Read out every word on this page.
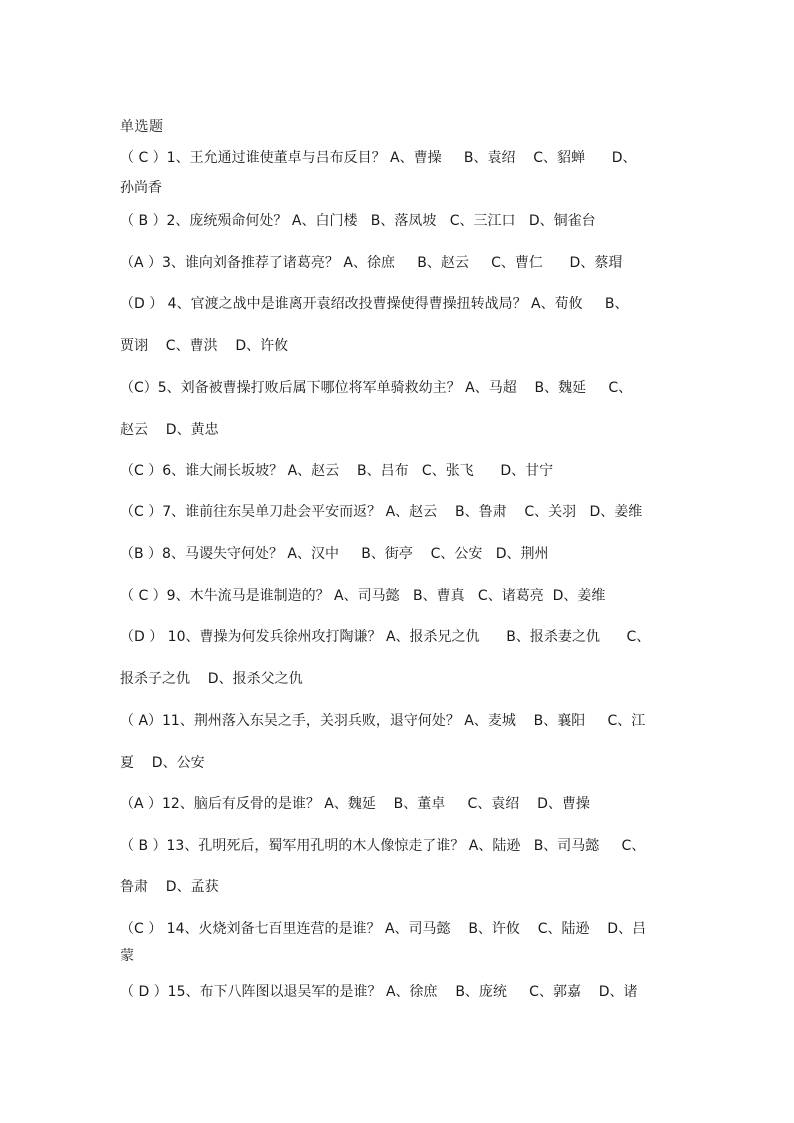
单选题
（ C ）1、王允通过谁使董卓与吕布反目？ A、曹操     B、袁绍    C、貂蝉      D、
孙尚香
（ B ）2、庞统殒命何处？ A、白门楼   B、落凤坡   C、三江口   D、铜雀台
（A ）3、谁向刘备推荐了诸葛亮？ A、徐庶     B、赵云     C、曹仁      D、蔡瑁
（D ） 4、官渡之战中是谁离开袁绍改投曹操使得曹操扭转战局？ A、荀攸     B、
贾诩    C、曹洪    D、许攸
（C）5、刘备被曹操打败后属下哪位将军单骑救幼主？ A、马超    B、魏延     C、
赵云    D、黄忠
（C ）6、谁大闹长坂坡？ A、赵云    B、吕布   C、张飞      D、甘宁
（C ）7、谁前往东吴单刀赴会平安而返？ A、赵云    B、鲁肃    C、关羽   D、姜维
（B ）8、马谡失守何处？ A、汉中     B、街亭    C、公安   D、荆州
（ C ）9、木牛流马是谁制造的？ A、司马懿   B、曹真   C、诸葛亮  D、姜维
（D ） 10、曹操为何发兵徐州攻打陶谦？ A、报杀兄之仇      B、报杀妻之仇      C、
报杀子之仇    D、报杀父之仇
（ A）11、荆州落入东吴之手，关羽兵败，退守何处？ A、麦城    B、襄阳     C、江
夏    D、公安
（A ）12、脑后有反骨的是谁？ A、魏延    B、董卓     C、袁绍    D、曹操
（ B ）13、孔明死后，蜀军用孔明的木人像惊走了谁？ A、陆逊   B、司马懿     C、
鲁肃    D、孟获
（C ） 14、火烧刘备七百里连营的是谁？ A、司马懿    B、许攸    C、陆逊    D、吕
蒙
（ D ）15、布下八阵图以退吴军的是谁？ A、徐庶    B、庞统     C、郭嘉    D、诸
